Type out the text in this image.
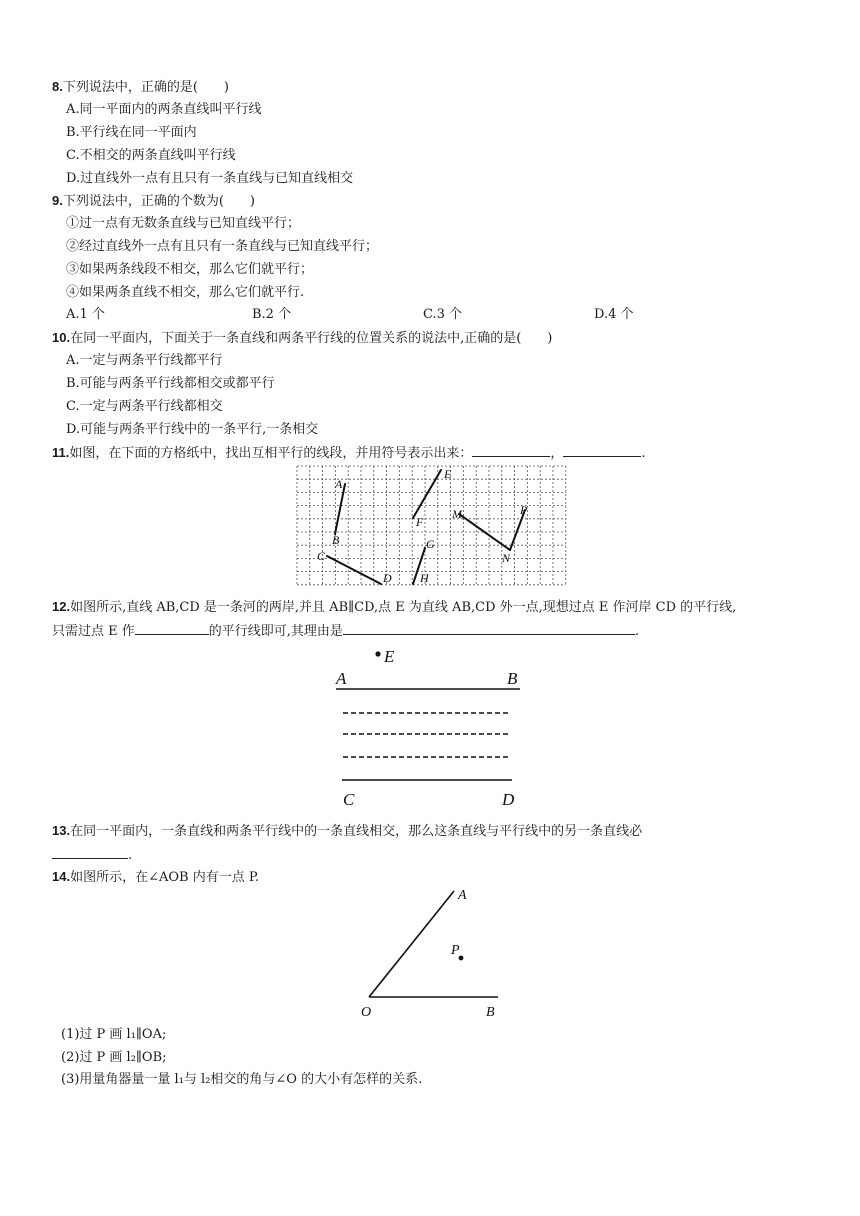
8.下列说法中，正确的是(　　)
A.同一平面内的两条直线叫平行线
B.平行线在同一平面内
C.不相交的两条直线叫平行线
D.过直线外一点有且只有一条直线与已知直线相交
9.下列说法中，正确的个数为(　　)
①过一点有无数条直线与已知直线平行；
②经过直线外一点有且只有一条直线与已知直线平行；
③如果两条线段不相交，那么它们就平行；
④如果两条直线不相交，那么它们就平行.
A.1 个	B.2 个	C.3 个	D.4 个
10.在同一平面内，下面关于一条直线和两条平行线的位置关系的说法中,正确的是(　　)
A.一定与两条平行线都平行
B.可能与两条平行线都相交或都平行
C.一定与两条平行线都相交
D.可能与两条平行线中的一条平行,一条相交
11.如图，在下面的方格纸中，找出互相平行的线段，并用符号表示出来：	，	.
A
B
E
F
M	P
N
C
D
G
H
12.如图所示,直线 AB,CD 是一条河的两岸,并且 AB∥CD,点 E 为直线 AB,CD 外一点,现想过点 E 作河岸 CD 的平行线,
只需过点 E 作	的平行线即可,其理由是	.
E
A	B
C	D
13.在同一平面内，一条直线和两条平行线中的一条直线相交，那么这条直线与平行线中的另一条直线必
.
14.如图所示，在∠AOB 内有一点 P.
A
P
O	B
(1)过 P 画 l₁∥OA;
(2)过 P 画 l₂∥OB;
(3)用量角器量一量 l₁与 l₂相交的角与∠O 的大小有怎样的关系.
